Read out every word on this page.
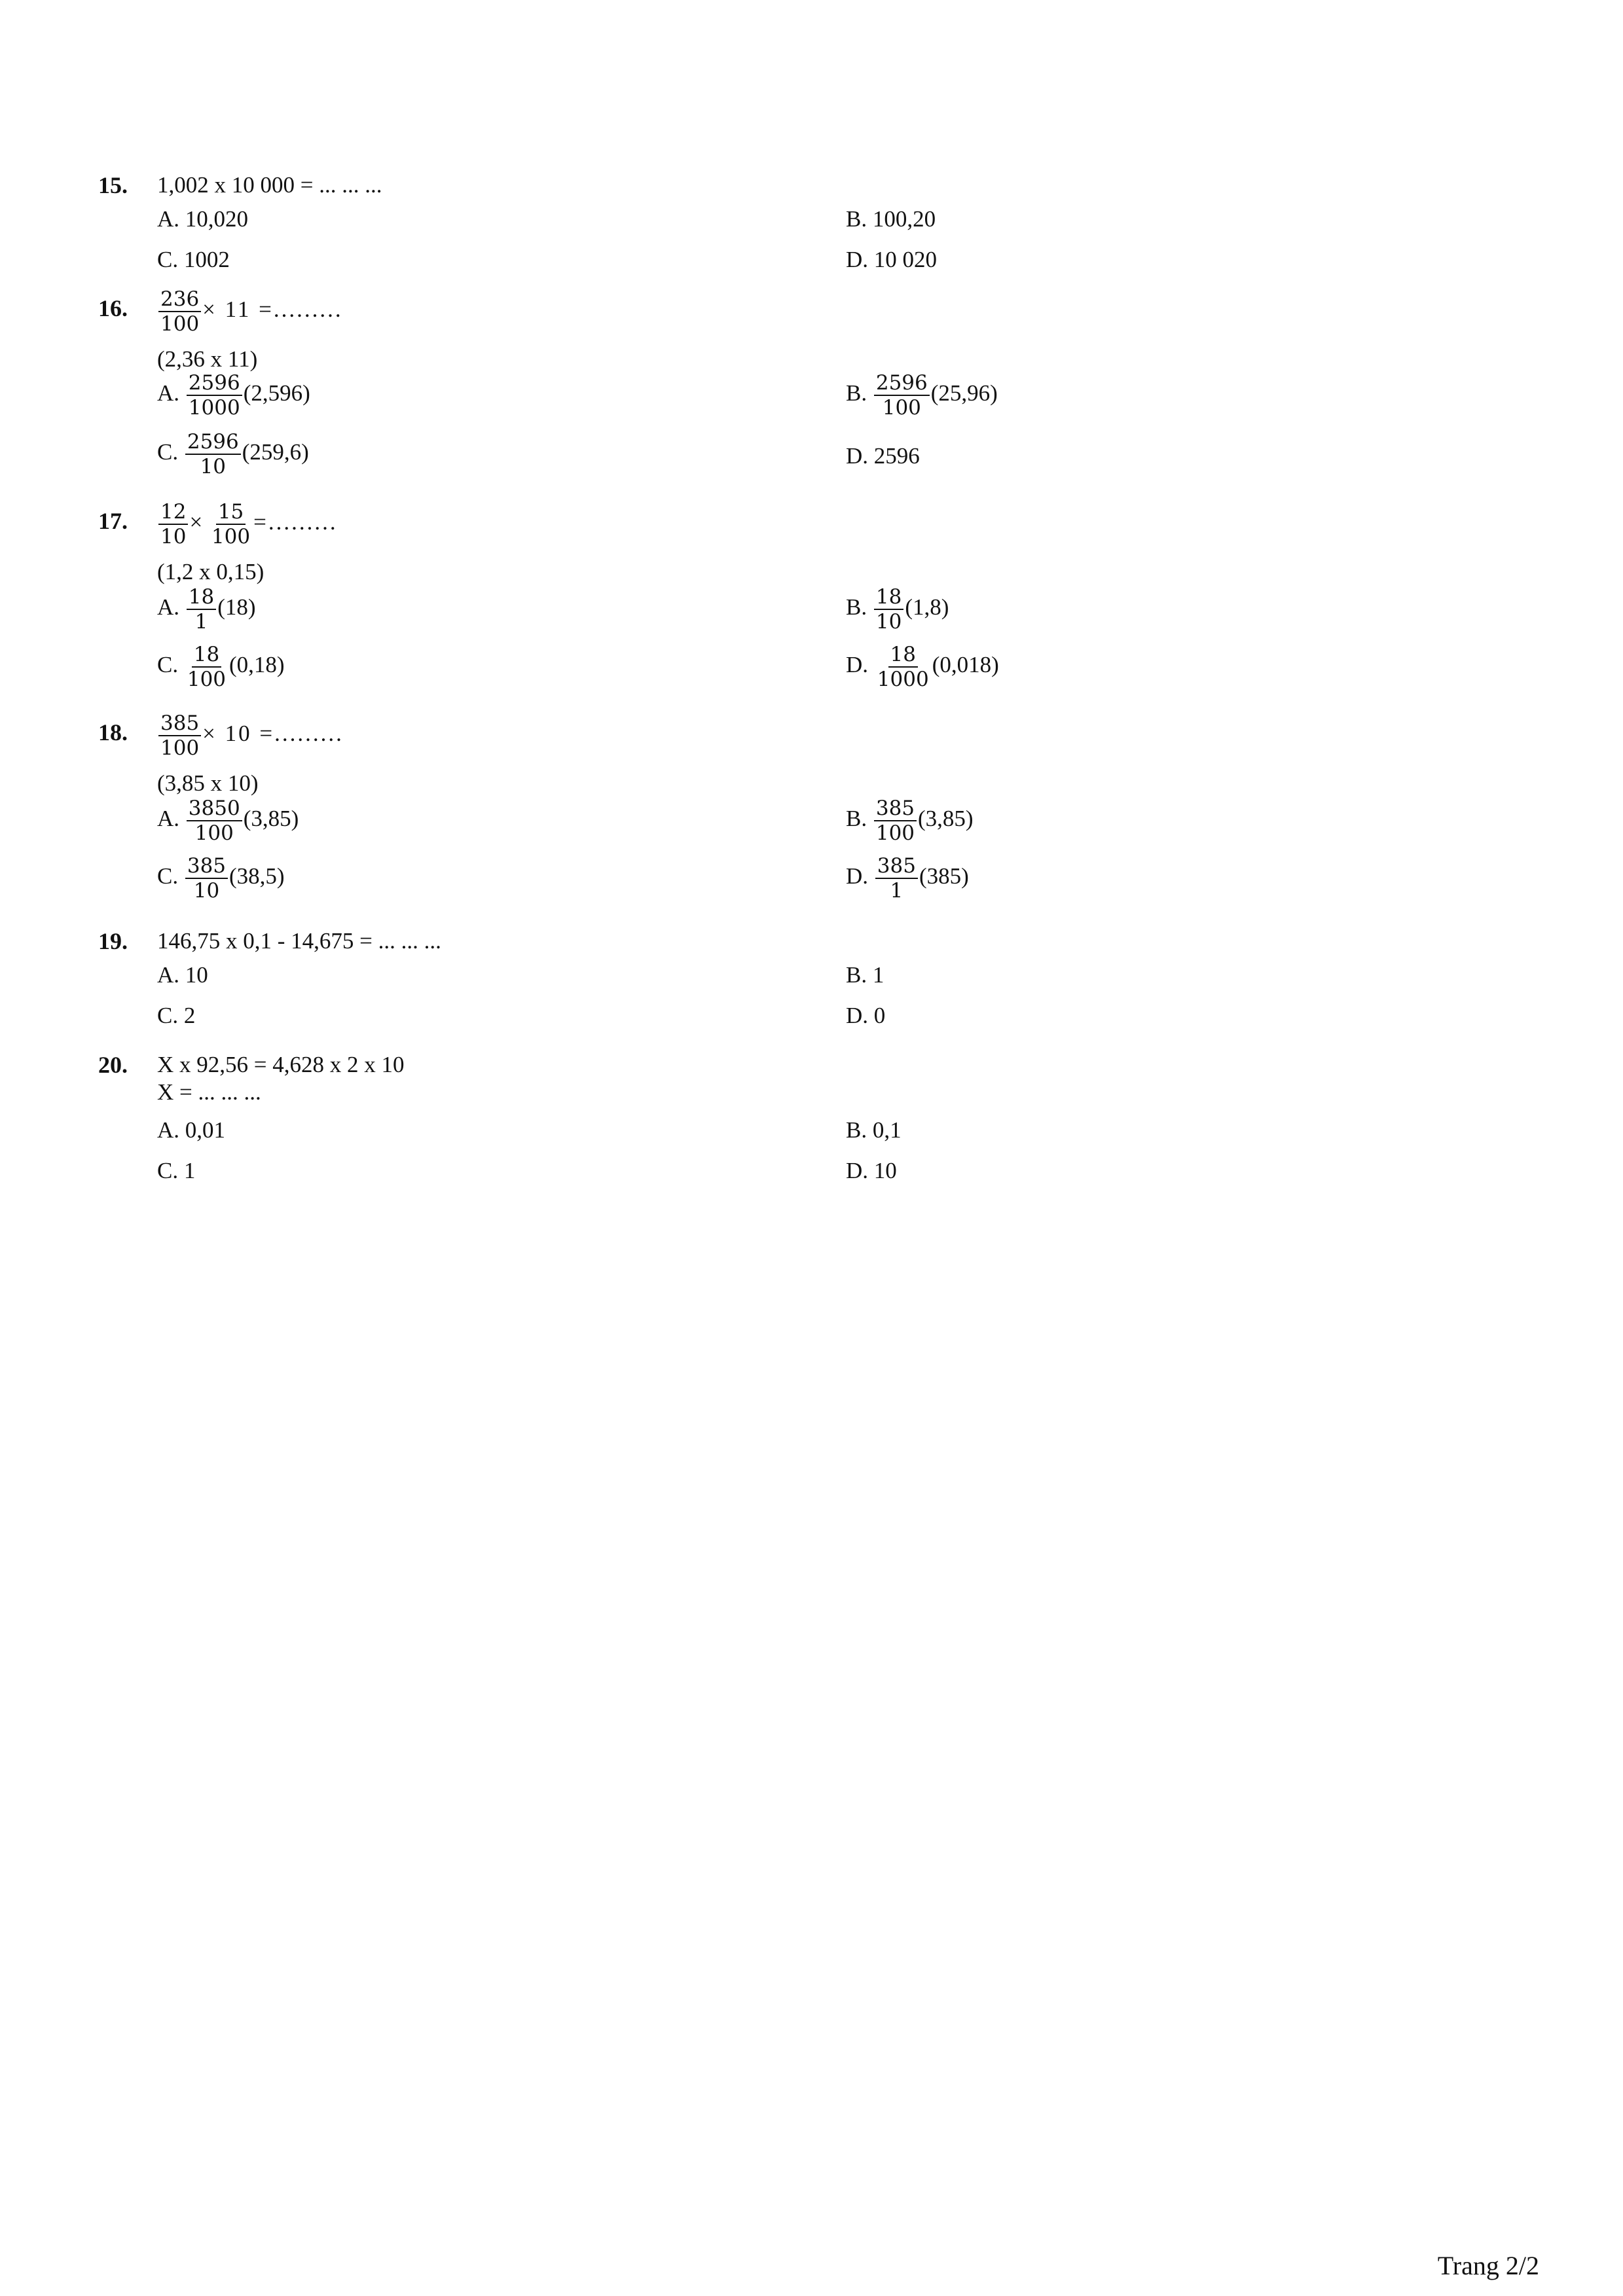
15. 1,002 x 10 000 = ... ... ...
A. 10,020	B. 100,20
C. 1002	D. 10 020
16. $\frac{236}{100} \times 11$ =.........
(2,36 x 11)
A. $\frac{2596}{1000} (2,596)$	B. $\frac{2596}{100} (25,96)$
C. $\frac{2596}{10} (259,6)$	D. 2596
17. $\frac{12}{10} \times \frac{15}{100}$ =.........
(1,2 x 0,15)
A. $\frac{18}{1} (18)$	B. $\frac{18}{10} (1,8)$
C. $\frac{18}{100} (0,18)$	D. $\frac{18}{1000} (0,018)$
18. $\frac{385}{100} \times 10$ =.........
(3,85 x 10)
A. $\frac{3850}{100} (3,85)$	B. $\frac{385}{100} (3,85)$
C. $\frac{385}{10} (38,5)$	D. $\frac{385}{1} (385)$
19. 146,75 x 0,1 - 14,675 = ... ... ...
A. 10	B. 1
C. 2	D. 0
20. X x 92,56 = 4,628 x 2 x 10
X = ... ... ...
A. 0,01	B. 0,1
C. 1	D. 10
Trang 2/2
